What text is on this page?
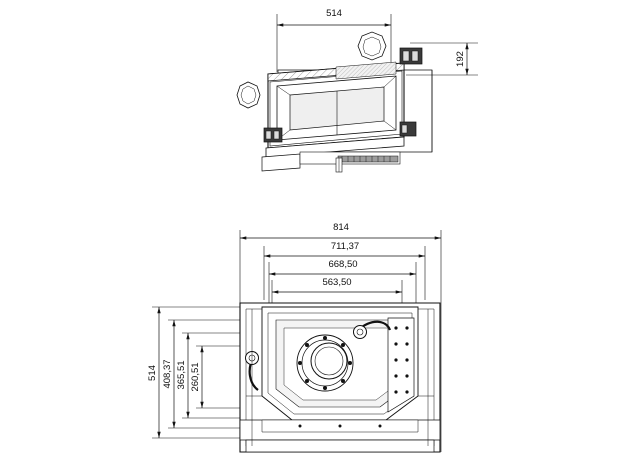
514
192
814
711,37
668,50
563,50
514 408,37 365,51 260,51
